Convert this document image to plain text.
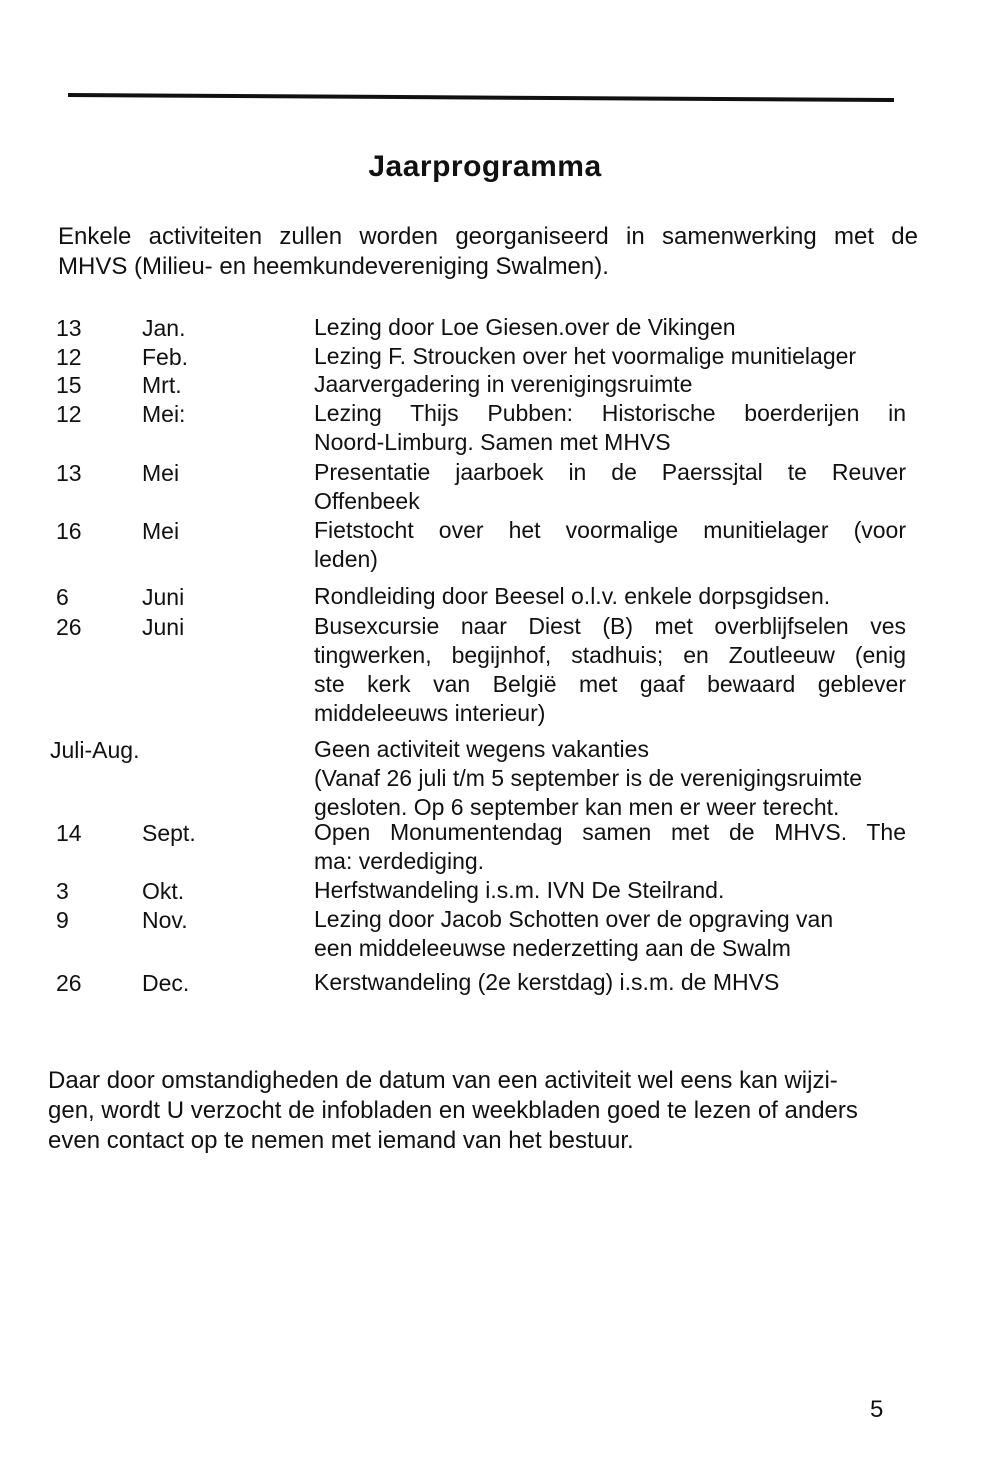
Jaarprogramma

Enkele activiteiten zullen worden georganiseerd in samenwerking met de

MHVS (Milieu- en heemkundevereniging Swalmen).

13	Jan.	Lezing door Loe Giesen.over de Vikingen
12	Feb.	Lezing F. Stroucken over het voormalige munitielager
15	Mrt.	Jaarvergadering in verenigingsruimte
12	Mei:	Lezing Thijs Pubben: Historische boerderijen in
Noord-Limburg. Samen met MHVS
13	Mei	Presentatie jaarboek in de Paerssjtal te Reuver
Offenbeek
16	Mei	Fietstocht over het voormalige munitielager (voor
leden)
6	Juni	Rondleiding door Beesel o.l.v. enkele dorpsgidsen.
26	Juni	Busexcursie naar Diest (B) met overblijfselen ves
tingwerken, begijnhof, stadhuis; en Zoutleeuw (enig
ste kerk van België met gaaf bewaard geblever
middeleeuws interieur)
Juli-Aug.	Geen activiteit wegens vakanties
(Vanaf 26 juli t/m 5 september is de verenigingsruimte
gesloten. Op 6 september kan men er weer terecht.
14	Sept.	Open Monumentendag samen met de MHVS. The
ma: verdediging.
3	Okt.	Herfstwandeling i.s.m. IVN De Steilrand.
9	Nov.	Lezing door Jacob Schotten over de opgraving van
een middeleeuwse nederzetting aan de Swalm
26	Dec.	Kerstwandeling (2e kerstdag) i.s.m. de MHVS
Daar door omstandigheden de datum van een activiteit wel eens kan wijzi-
gen, wordt U verzocht de infobladen en weekbladen goed te lezen of anders
even contact op te nemen met iemand van het bestuur.
5
